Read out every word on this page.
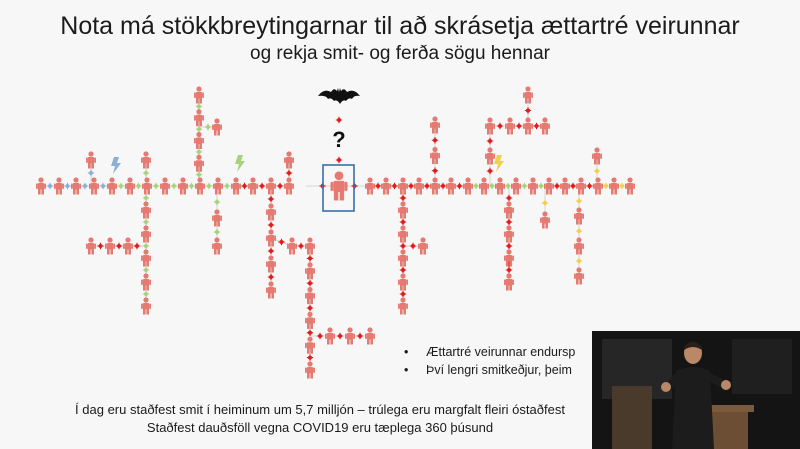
Nota má stökkbreytingarnar til að skrásetja ættartré veirunnar
og rekja smit- og ferða sögu hennar
?
• Ættartré veirunnar endursp
• Því lengri smitkeðjur, þeim
Í dag eru staðfest smit í heiminum um 5,7 milljón – trúlega eru margfalt fleiri óstaðfest
Staðfest dauðsföll vegna COVID19 eru tæplega 360 þúsund
